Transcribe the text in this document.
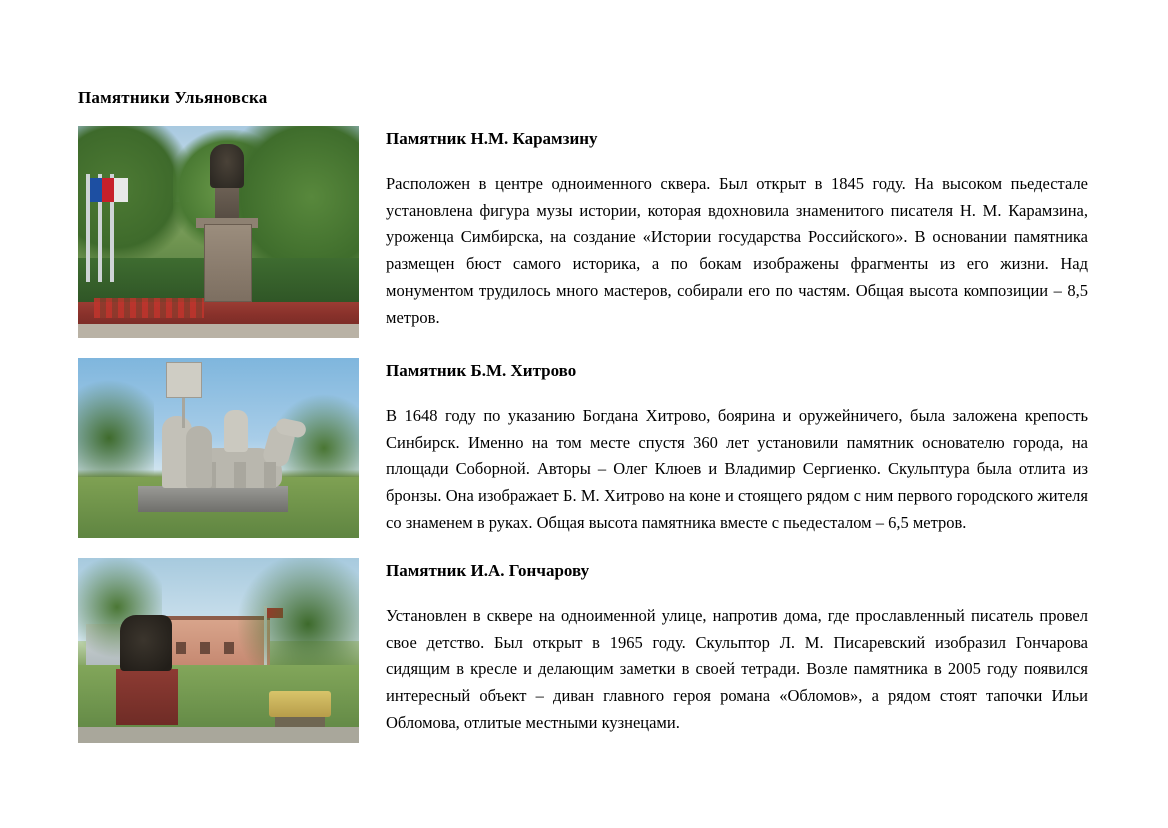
Памятники Ульяновска
Памятник Н.М. Карамзину

Расположен в центре одноименного сквера. Был открыт в 1845 году. На высоком пьедестале установлена фигура музы истории, которая вдохновила знаменитого писателя Н. М. Карамзина, уроженца Симбирска, на создание «Истории государства Российского». В основании памятника размещен бюст самого историка, а по бокам изображены фрагменты из его жизни. Над монументом трудилось много мастеров, собирали его по частям. Общая высота композиции – 8,5 метров.

Памятник Б.М. Хитрово

В 1648 году по указанию Богдана Хитрово, боярина и оружейничего, была заложена крепость Синбирск. Именно на том месте спустя 360 лет установили памятник основателю города, на площади Соборной. Авторы – Олег Клюев и Владимир Сергиенко. Скульптура была отлита из бронзы. Она изображает Б. М. Хитрово на коне и стоящего рядом с ним первого городского жителя со знаменем в руках. Общая высота памятника вместе с пьедесталом – 6,5 метров.

Памятник И.А. Гончарову

Установлен в сквере на одноименной улице, напротив дома, где прославленный писатель провел свое детство. Был открыт в 1965 году. Скульптор Л. М. Писаревский изобразил Гончарова сидящим в кресле и делающим заметки в своей тетради. Возле памятника в 2005 году появился интересный объект – диван главного героя романа «Обломов», а рядом стоят тапочки Ильи Обломова, отлитые местными кузнецами.
